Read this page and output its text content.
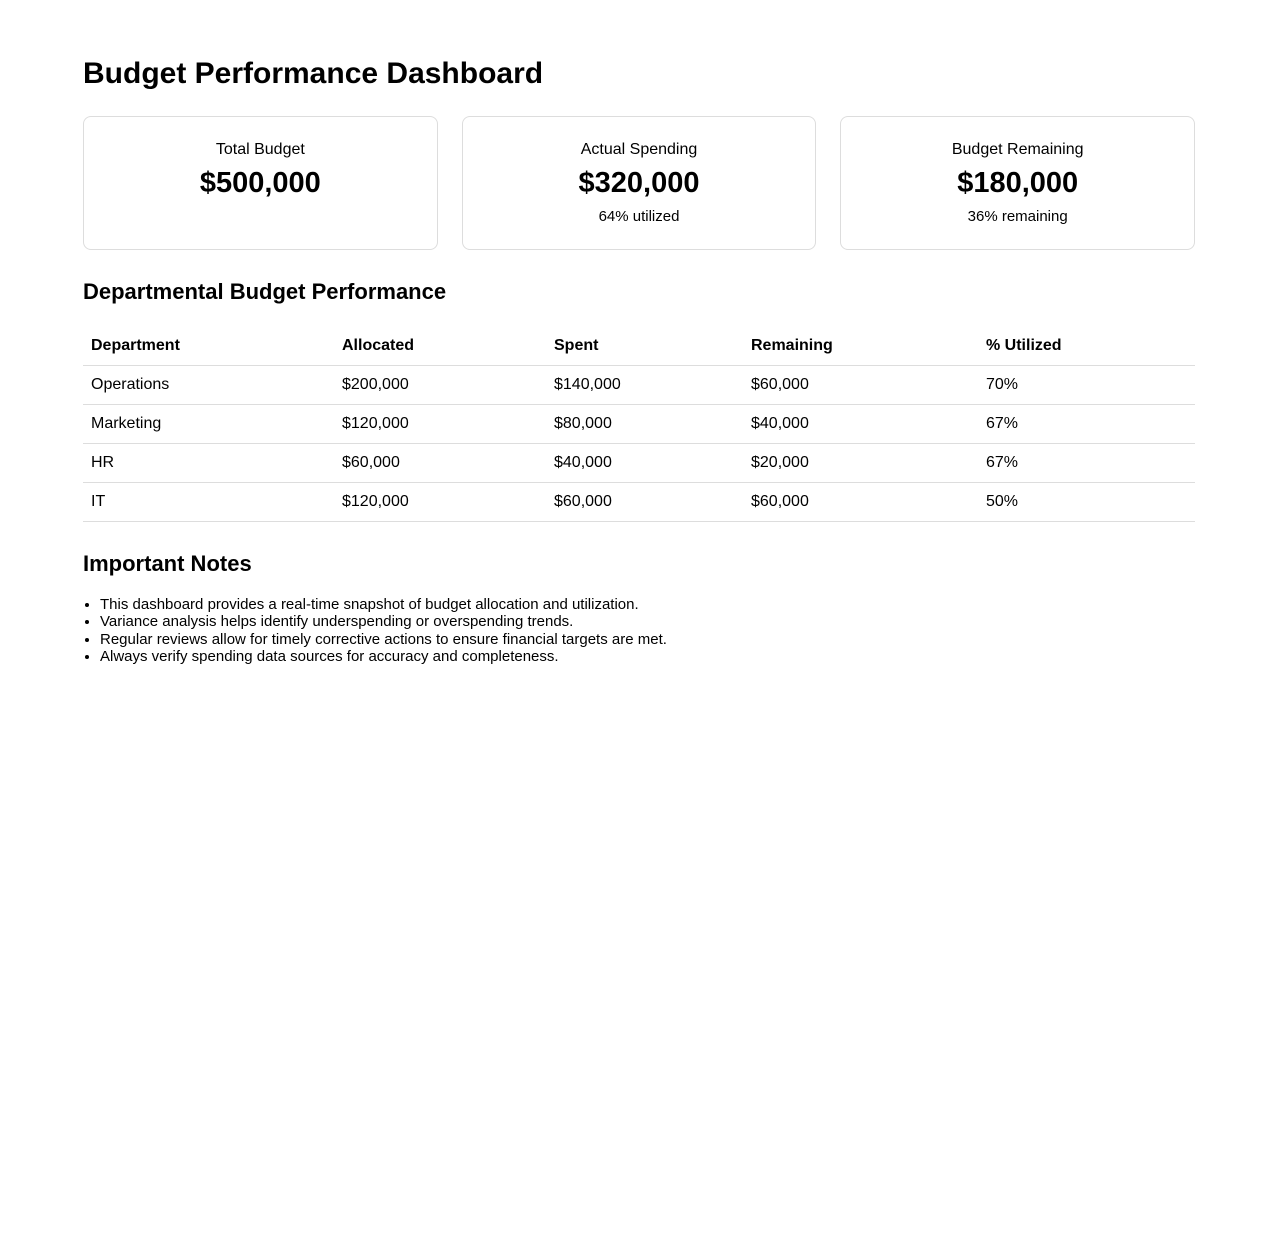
Budget Performance Dashboard
Total Budget
$500,000
Actual Spending
$320,000
64% utilized
Budget Remaining
$180,000
36% remaining
Departmental Budget Performance
Department	Allocated	Spent	Remaining	% Utilized
Operations	$200,000	$140,000	$60,000	70%
Marketing	$120,000	$80,000	$40,000	67%
HR	$60,000	$40,000	$20,000	67%
IT	$120,000	$60,000	$60,000	50%
Important Notes
• This dashboard provides a real-time snapshot of budget allocation and utilization.
• Variance analysis helps identify underspending or overspending trends.
• Regular reviews allow for timely corrective actions to ensure financial targets are met.
• Always verify spending data sources for accuracy and completeness.
